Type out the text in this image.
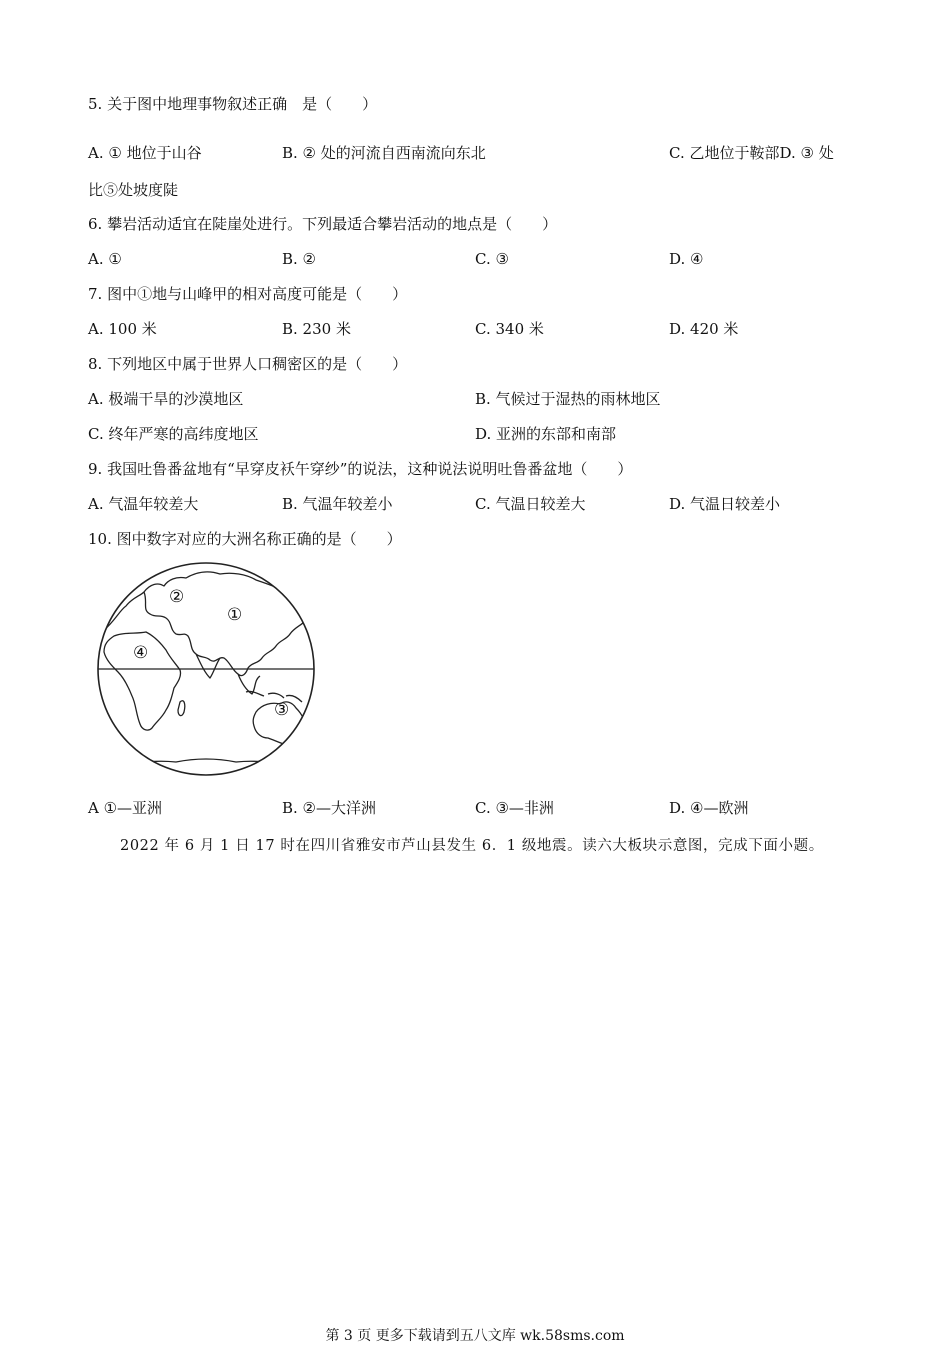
5. 关于图中地理事物叙述正确　是（　　）
A. ① 地位于山谷	B. ② 处的河流自西南流向东北	C. 乙地位于鞍部D. ③ 处
比⑤处坡度陡
6. 攀岩活动适宜在陡崖处进行。下列最适合攀岩活动的地点是（　　）
A. ①	B. ②	C. ③	D. ④
7. 图中①地与山峰甲的相对高度可能是（　　）
A. 100 米	B. 230 米	C. 340 米	D. 420 米
8. 下列地区中属于世界人口稠密区的是（　　）
A. 极端干旱的沙漠地区	B. 气候过于湿热的雨林地区
C. 终年严寒的高纬度地区	D. 亚洲的东部和南部
9. 我国吐鲁番盆地有“早穿皮袄午穿纱”的说法，这种说法说明吐鲁番盆地（　　）
A. 气温年较差大	B. 气温年较差小	C. 气温日较差大	D. 气温日较差小
10. 图中数字对应的大洲名称正确的是（　　）
①
②
③
④
A ①—亚洲	B. ②—大洋洲	C. ③—非洲	D. ④—欧洲
2022 年 6 月 1 日 17 时在四川省雅安市芦山县发生 6．1 级地震。读六大板块示意图，完成下面小题。
第 3 页 更多下载请到五八文库 wk.58sms.com
